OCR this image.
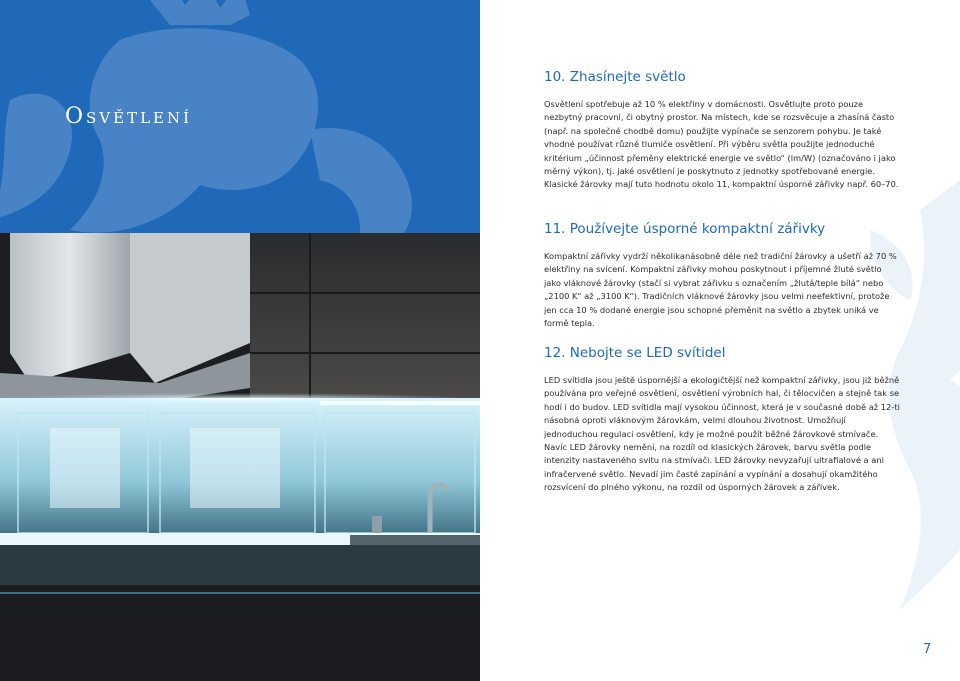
Osvětlení
10. Zhasínejte světlo

Osvětlení spotřebuje až 10 % elektřiny v domácnosti. Osvětlujte proto pouze nezbytný pracovní, či obytný prostor. Na místech, kde se rozsvěcuje a zhasíná často (např. na společné chodbě domu) použijte vypínače se senzorem pohybu. Je také vhodné používat různé tlumiče osvětlení. Při výběru světla použijte jednoduché kritérium „účinnost přeměny elektrické energie ve světlo“ (lm/W) (označováno i jako měrný výkon), tj. jaké osvětlení je poskytnuto z jednotky spotřebované energie. Klasické žárovky mají tuto hodnotu okolo 11, kompaktní úsporné zářivky např. 60–70.

11. Používejte úsporné kompaktní zářivky

Kompaktní zářivky vydrží několikanásobně déle než tradiční žárovky a ušetří až 70 % elektřiny na svícení. Kompaktní zářivky mohou poskytnout i příjemné žluté světlo jako vláknové žárovky (stačí si vybrat zářivku s označením „žlutá/teple bílá“ nebo „2100 K“ až „3100 K“). Tradičních vláknové žárovky jsou velmi neefektivní, protože jen cca 10 % dodané energie jsou schopné přeměnit na světlo a zbytek uniká ve formě tepla.

12. Nebojte se LED svítidel

LED svítidla jsou ještě úspornější a ekologičtější než kompaktní zářivky, jsou již běžně používána pro veřejné osvětlení, osvětlení výrobních hal, či tělocvičen a stejně tak se hodí i do budov. LED svítidla mají vysokou účinnost, která je v současné době až 12-ti násobná oproti vláknovým žárovkám, velmi dlouhou životnost. Umožňují jednoduchou regulaci osvětlení, kdy je možné použít běžné žárovkové stmívače. Navíc LED žárovky nemění, na rozdíl od klasických žárovek, barvu světla podle intenzity nastaveného svitu na stmívači. LED žárovky nevyzařují ultrafialové a ani infračervené světlo. Nevadí jim časté zapínání a vypínání a dosahují okamžitého rozsvícení do plného výkonu, na rozdíl od úsporných žárovek a zářivek.

7
